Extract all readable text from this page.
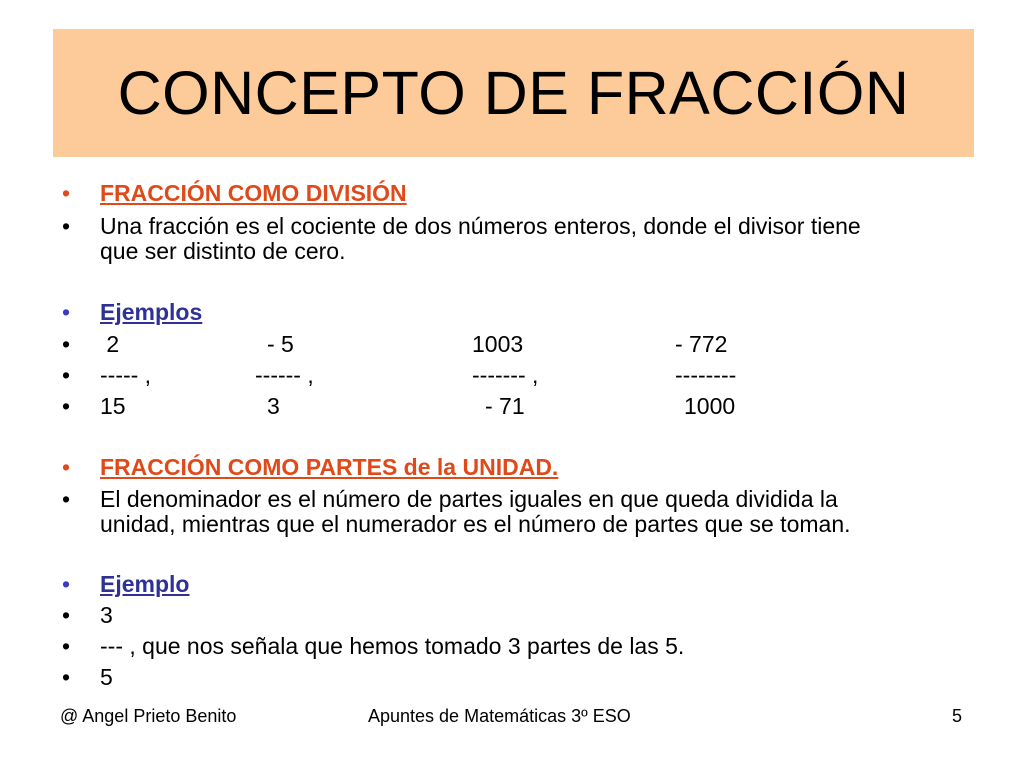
CONCEPTO DE FRACCIÓN
•	FRACCIÓN COMO DIVISIÓN
•	Una fracción es el cociente de dos números enteros, donde el divisor tiene
que ser distinto de cero.
•	Ejemplos
•	2	- 5	1003	- 772
•	----- ,	------ ,	------- ,	--------
•	15	3	- 71	1000
•	FRACCIÓN COMO PARTES de la UNIDAD.
•	El denominador es el número de partes iguales en que queda dividida la
unidad, mientras que el numerador es el número de partes que se toman.
•	Ejemplo
•	3
•	--- , que nos señala que hemos tomado 3 partes de las 5.
•	5
@ Angel Prieto Benito	Apuntes de Matemáticas 3º ESO	5
